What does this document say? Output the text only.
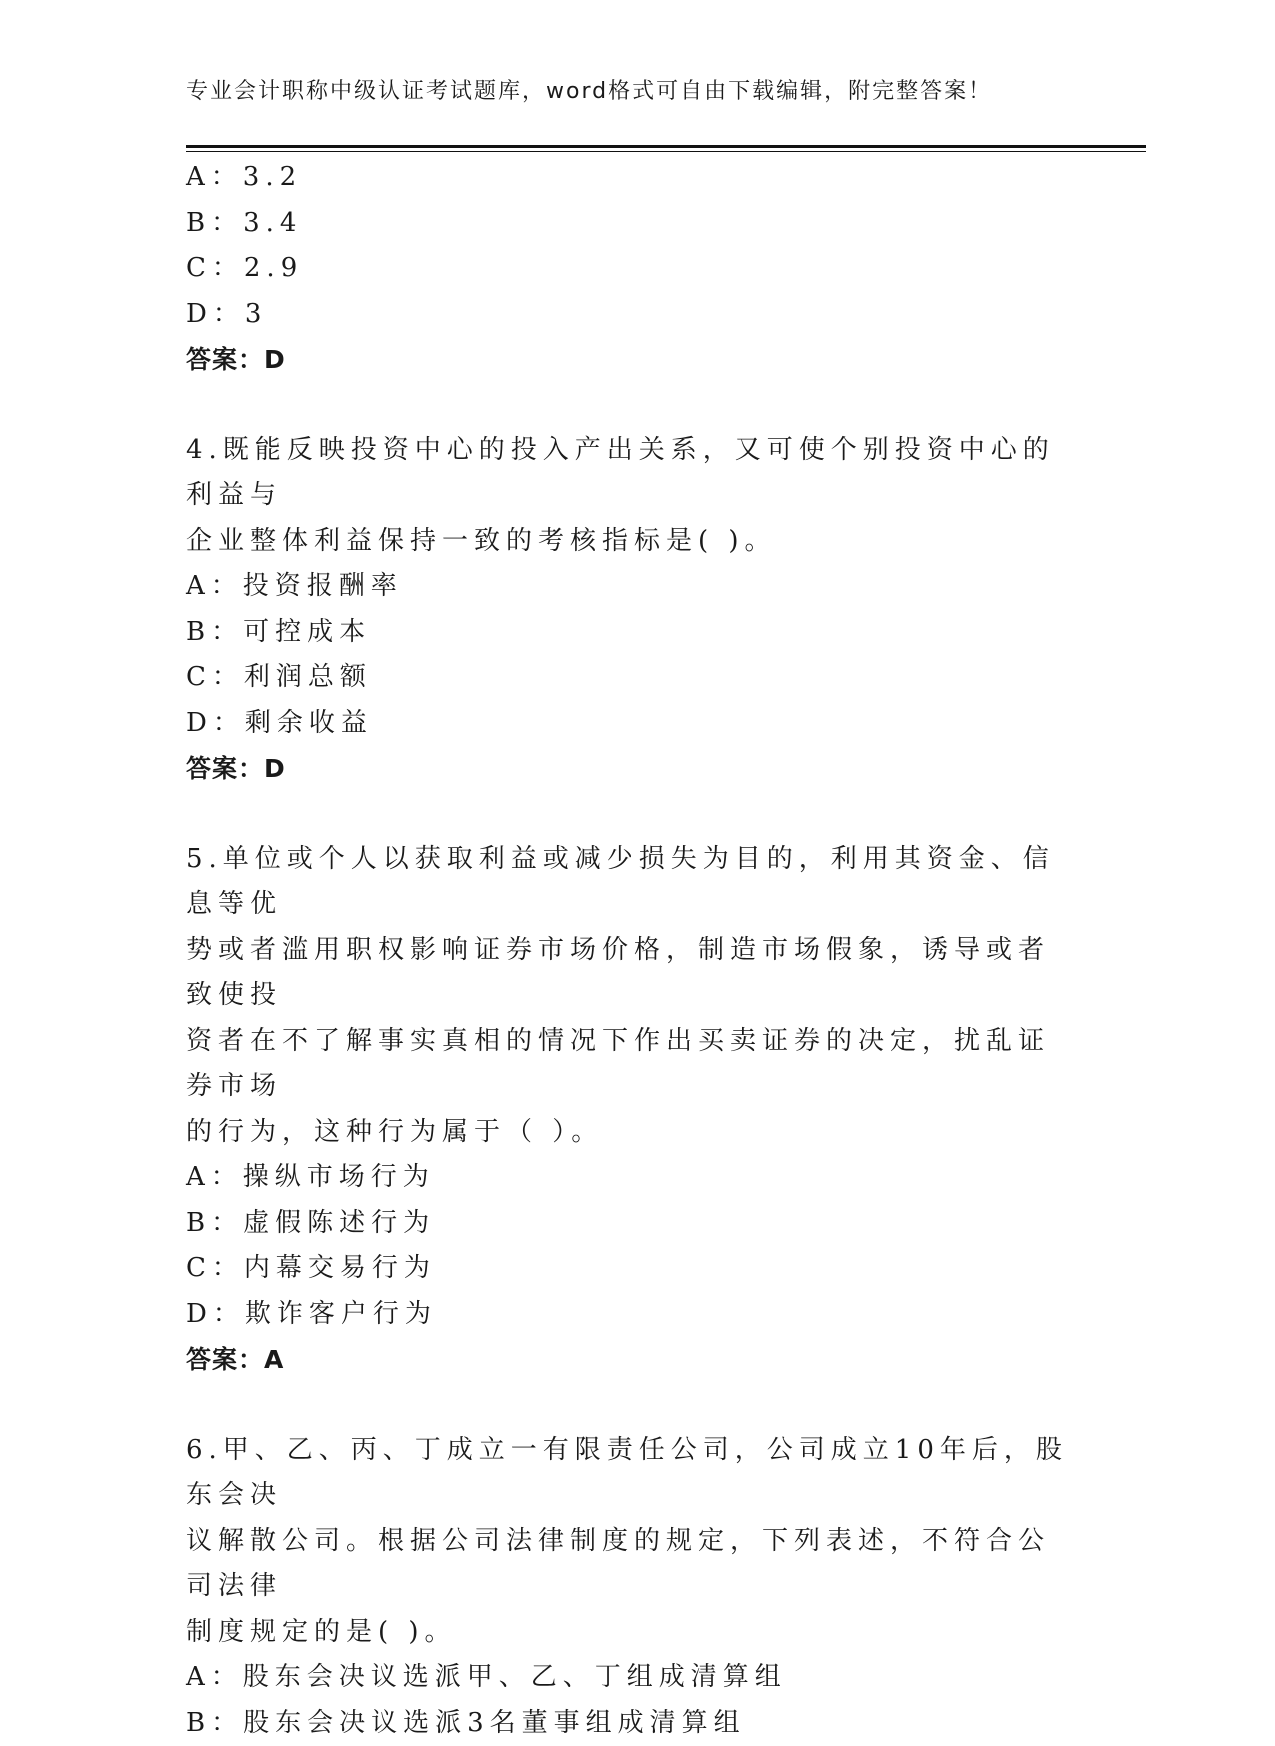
专业会计职称中级认证考试题库，word格式可自由下载编辑，附完整答案！
A：3.2
B：3.4
C：2.9
D：3
答案：D
4.既能反映投资中心的投入产出关系，又可使个别投资中心的利益与
企业整体利益保持一致的考核指标是( )。
A：投资报酬率
B：可控成本
C：利润总额
D：剩余收益
答案：D
5.单位或个人以获取利益或减少损失为目的，利用其资金、信息等优
势或者滥用职权影响证券市场价格，制造市场假象，诱导或者致使投
资者在不了解事实真相的情况下作出买卖证券的决定，扰乱证券市场
的行为，这种行为属于（ ）。
A：操纵市场行为
B：虚假陈述行为
C：内幕交易行为
D：欺诈客户行为
答案：A
6.甲、乙、丙、丁成立一有限责任公司，公司成立10年后，股东会决
议解散公司。根据公司法律制度的规定，下列表述，不符合公司法律
制度规定的是( )。
A：股东会决议选派甲、乙、丁组成清算组
B：股东会决议选派3名董事组成清算组
